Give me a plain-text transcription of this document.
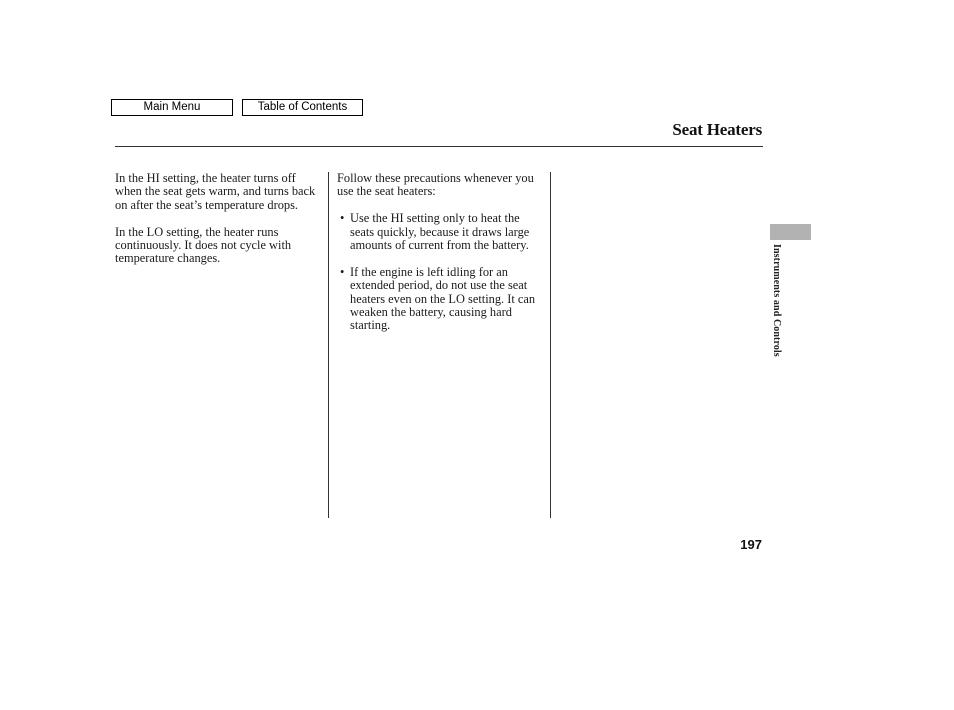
Main Menu	Table of Contents
Seat Heaters

In the HI setting, the heater turns off when the seat gets warm, and turns back on after the seat’s temperature drops.

In the LO setting, the heater runs continuously. It does not cycle with temperature changes.

Follow these precautions whenever you use the seat heaters:

• Use the HI setting only to heat the seats quickly, because it draws large amounts of current from the battery.
• If the engine is left idling for an extended period, do not use the seat heaters even on the LO setting. It can weaken the battery, causing hard starting.	Instruments and Controls
197
